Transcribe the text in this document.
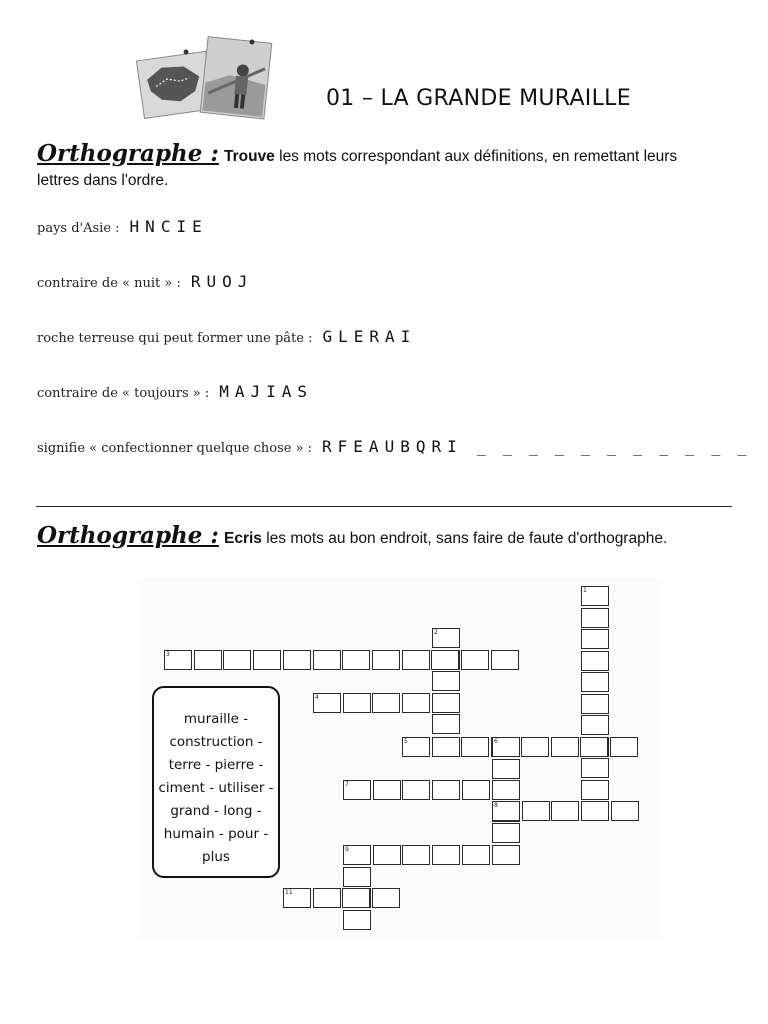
01 – LA GRANDE MURAILLE
Orthographe : Trouve les mots correspondant aux définitions, en remettant leurs
lettres dans l'ordre.
pays d'Asie : HNCIE
contraire de « nuit » : RUOJ
roche terreuse qui peut former une pâte : GLERAI
contraire de « toujours » : MAJIAS
signifie « confectionner quelque chose » : RFEAUBQRI _ _ _ _ _ _ _ _ _ _ _
Orthographe : Ecris les mots au bon endroit, sans faire de faute d'orthographe.
1
2
3
4
5	6
7
8
9
11
muraille - construction - terre - pierre - ciment - utiliser - grand - long - humain - pour - plus
